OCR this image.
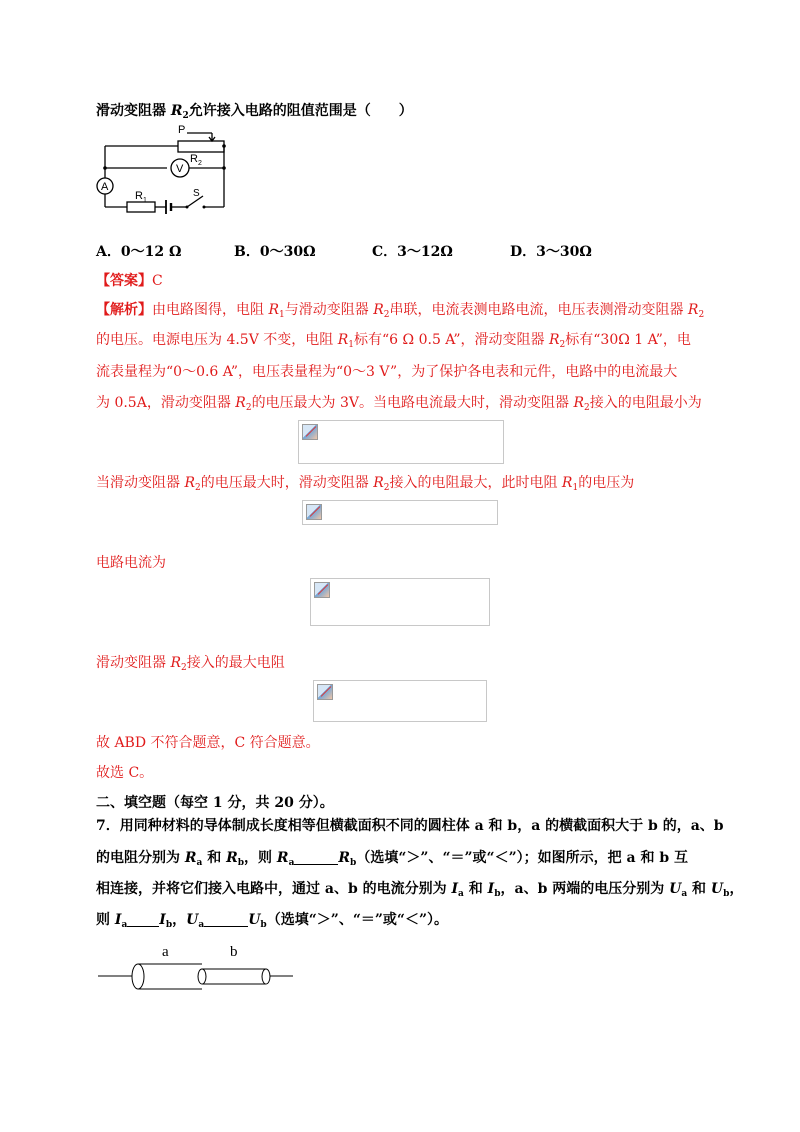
滑动变阻器 $R_2$允许接入电路的阻值范围是（　　）
P
R 2
V
A
R 1
S
A．0～12 Ω	B．0～30Ω	C．3～12Ω	D．3～30Ω
【答案】C
【解析】由电路图得，电阻 $R_1$与滑动变阻器 $R_2$串联，电流表测电路电流，电压表测滑动变阻器 $R_2$
的电压。电源电压为 4.5V 不变，电阻 $R_1$标有“6 Ω 0.5 A”，滑动变阻器 $R_2$标有“30Ω 1 A”，电
流表量程为“0～0.6 A”，电压表量程为“0～3 V”，为了保护各电表和元件，电路中的电流最大
为 0.5A，滑动变阻器 $R_2$的电压最大为 3V。当电路电流最大时，滑动变阻器 $R_2$接入的电阻最小为
当滑动变阻器 $R_2$的电压最大时，滑动变阻器 $R_2$接入的电阻最大，此时电阻 $R_1$的电压为
电路电流为
滑动变阻器 $R_2$接入的最大电阻
故 ABD 不符合题意，C 符合题意。
故选 C。
二、填空题（每空 1 分，共 20 分）。
7．用同种材料的导体制成长度相等但横截面积不同的圆柱体 a 和 b，a 的横截面积大于 b 的，a、b
的电阻分别为 $R_a$ 和 $R_b$，则 $R_a$	$R_b$（选填“＞”、“＝”或“＜”）；如图所示，把 a 和 b 互
相连接，并将它们接入电路中，通过 a、b 的电流分别为 $I_a$ 和 $I_b$，a、b 两端的电压分别为 $U_a$ 和 $U_b$，
则 $I_a$ $I_b$，$U_a$	$U_b$（选填“＞”、“＝”或“＜”）。
a	b
